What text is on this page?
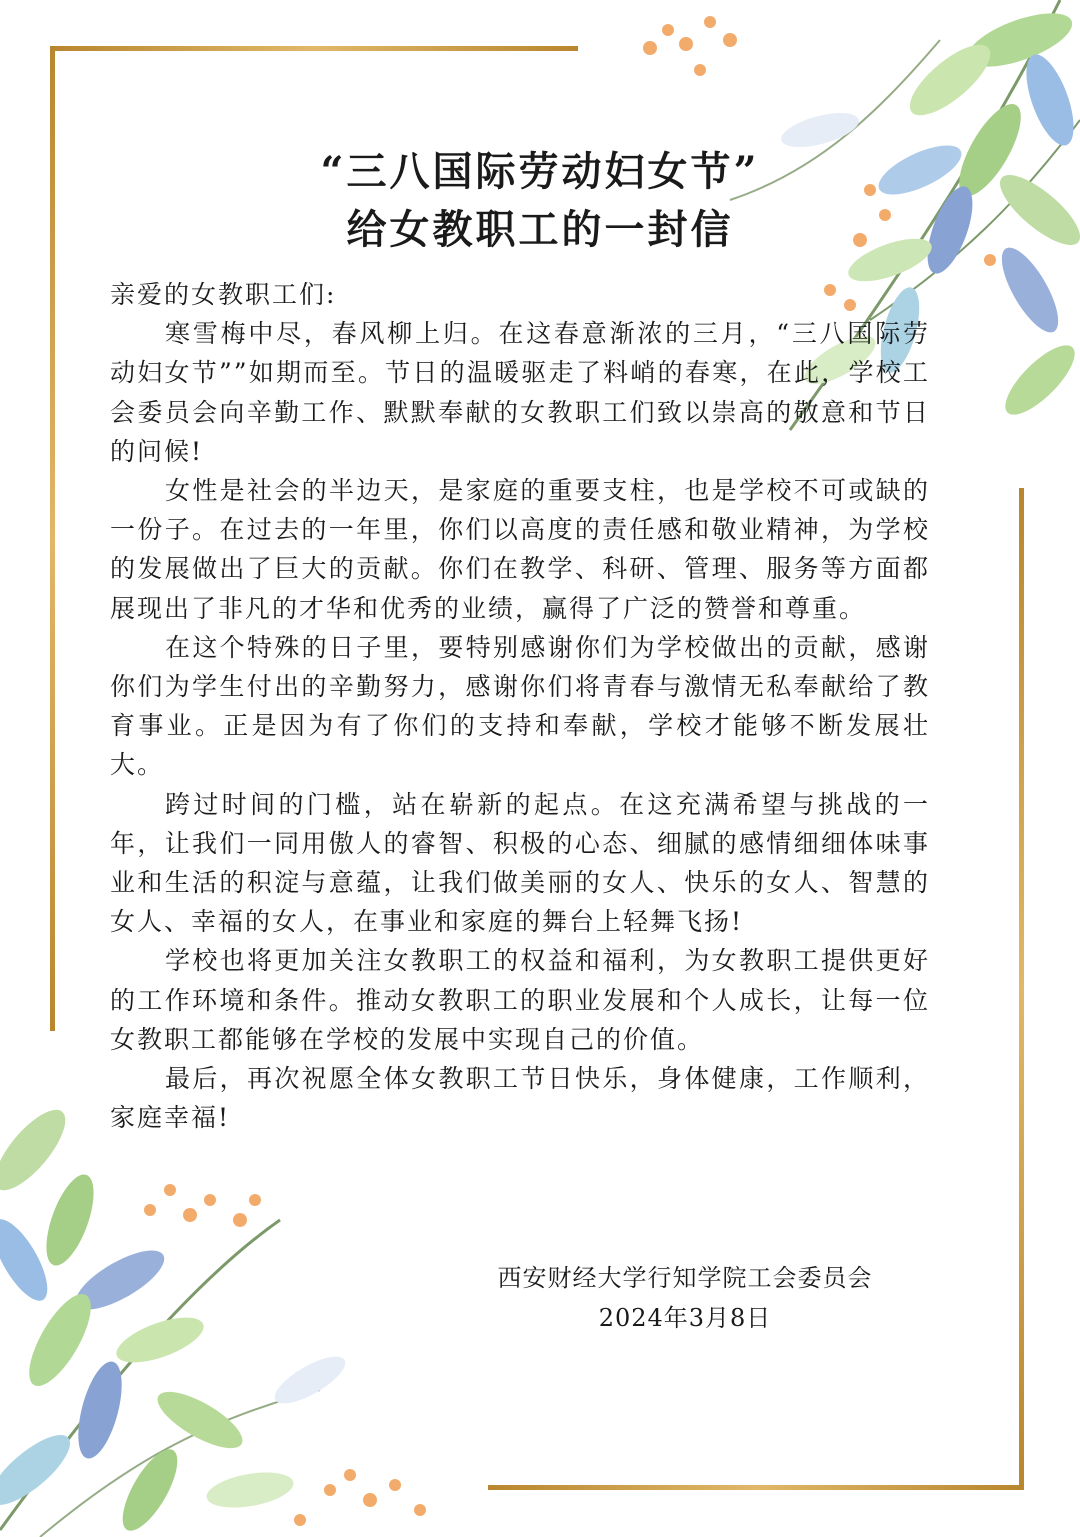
“三八国际劳动妇女节”
给女教职工的一封信

亲爱的女教职工们:

寒雪梅中尽，春风柳上归。在这春意渐浓的三月，“三八国际劳动妇女节””如期而至。节日的温暖驱走了料峭的春寒，在此，学校工会委员会向辛勤工作、默默奉献的女教职工们致以崇高的敬意和节日的问候!

女性是社会的半边天，是家庭的重要支柱，也是学校不可或缺的一份子。在过去的一年里，你们以高度的责任感和敬业精神，为学校的发展做出了巨大的贡献。你们在教学、科研、管理、服务等方面都展现出了非凡的才华和优秀的业绩，赢得了广泛的赞誉和尊重。

在这个特殊的日子里，要特别感谢你们为学校做出的贡献，感谢你们为学生付出的辛勤努力，感谢你们将青春与激情无私奉献给了教育事业。正是因为有了你们的支持和奉献，学校才能够不断发展壮大。

跨过时间的门槛，站在崭新的起点。在这充满希望与挑战的一年，让我们一同用傲人的睿智、积极的心态、细腻的感情细细体味事业和生活的积淀与意蕴，让我们做美丽的女人、快乐的女人、智慧的女人、幸福的女人，在事业和家庭的舞台上轻舞飞扬!

学校也将更加关注女教职工的权益和福利，为女教职工提供更好的工作环境和条件。推动女教职工的职业发展和个人成长，让每一位女教职工都能够在学校的发展中实现自己的价值。

最后，再次祝愿全体女教职工节日快乐，身体健康，工作顺利，家庭幸福!

西安财经大学行知学院工会委员会
2024年3月8日
